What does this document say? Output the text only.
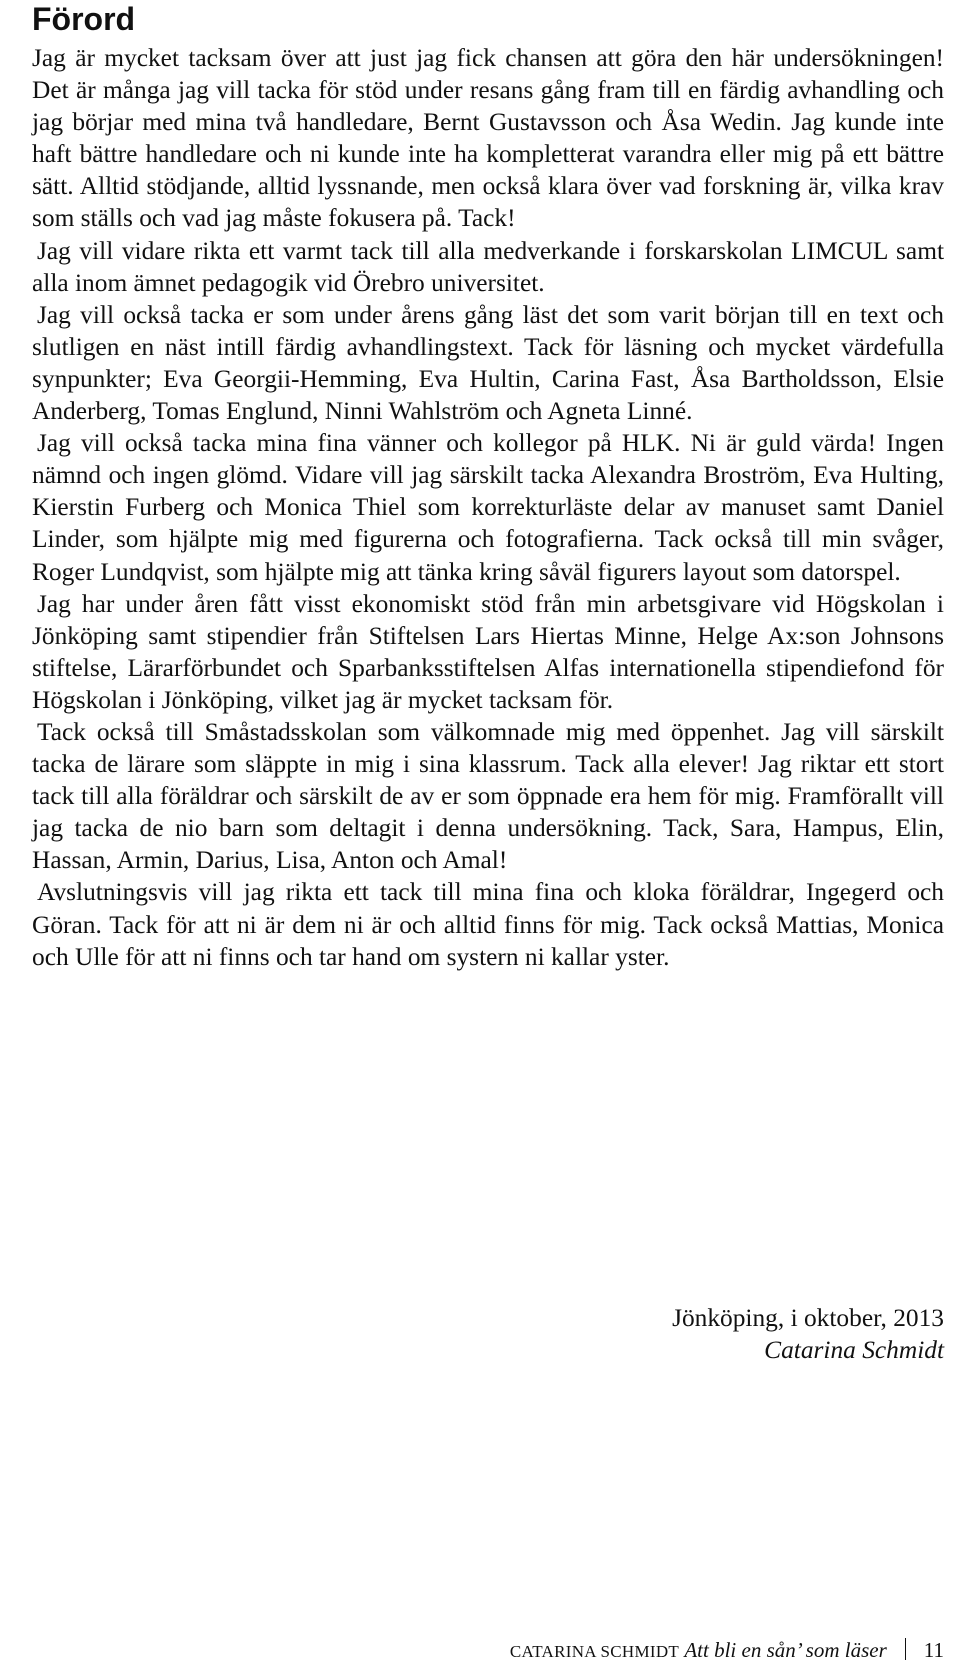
Förord

Jag är mycket tacksam över att just jag fick chansen att göra den här undersökningen! Det är många jag vill tacka för stöd under resans gång fram till en färdig avhandling och jag börjar med mina två handledare, Bernt Gustavsson och Åsa Wedin. Jag kunde inte haft bättre handledare och ni kunde inte ha kompletterat varandra eller mig på ett bättre sätt. Alltid stödjande, alltid lyssnande, men också klara över vad forskning är, vilka krav som ställs och vad jag måste fokusera på. Tack!

Jag vill vidare rikta ett varmt tack till alla medverkande i forskarskolan LIMCUL samt alla inom ämnet pedagogik vid Örebro universitet.

Jag vill också tacka er som under årens gång läst det som varit början till en text och slutligen en näst intill färdig avhandlingstext. Tack för läsning och mycket värdefulla synpunkter; Eva Georgii-Hemming, Eva Hultin, Carina Fast, Åsa Bartholdsson, Elsie Anderberg, Tomas Englund, Ninni Wahlström och Agneta Linné.

Jag vill också tacka mina fina vänner och kollegor på HLK. Ni är guld värda! Ingen nämnd och ingen glömd. Vidare vill jag särskilt tacka Alexandra Broström, Eva Hulting, Kierstin Furberg och Monica Thiel som korrekturläste delar av manuset samt Daniel Linder, som hjälpte mig med figurerna och fotografierna. Tack också till min svåger, Roger Lundqvist, som hjälpte mig att tänka kring såväl figurers layout som datorspel.

Jag har under åren fått visst ekonomiskt stöd från min arbetsgivare vid Högskolan i Jönköping samt stipendier från Stiftelsen Lars Hiertas Minne, Helge Ax:son Johnsons stiftelse, Lärarförbundet och Sparbanksstiftelsen Alfas internationella stipendiefond för Högskolan i Jönköping, vilket jag är mycket tacksam för.

Tack också till Småstadsskolan som välkomnade mig med öppenhet. Jag vill särskilt tacka de lärare som släppte in mig i sina klassrum. Tack alla elever! Jag riktar ett stort tack till alla föräldrar och särskilt de av er som öppnade era hem för mig. Framförallt vill jag tacka de nio barn som deltagit i denna undersökning. Tack, Sara, Hampus, Elin, Hassan, Armin, Darius, Lisa, Anton och Amal!

Avslutningsvis vill jag rikta ett tack till mina fina och kloka föräldrar, Ingegerd och Göran. Tack för att ni är dem ni är och alltid finns för mig. Tack också Mattias, Monica och Ulle för att ni finns och tar hand om systern ni kallar yster.

Jönköping, i oktober, 2013
Catarina Schmidt
CATARINA SCHMIDT Att bli en sån’ som läser 11
